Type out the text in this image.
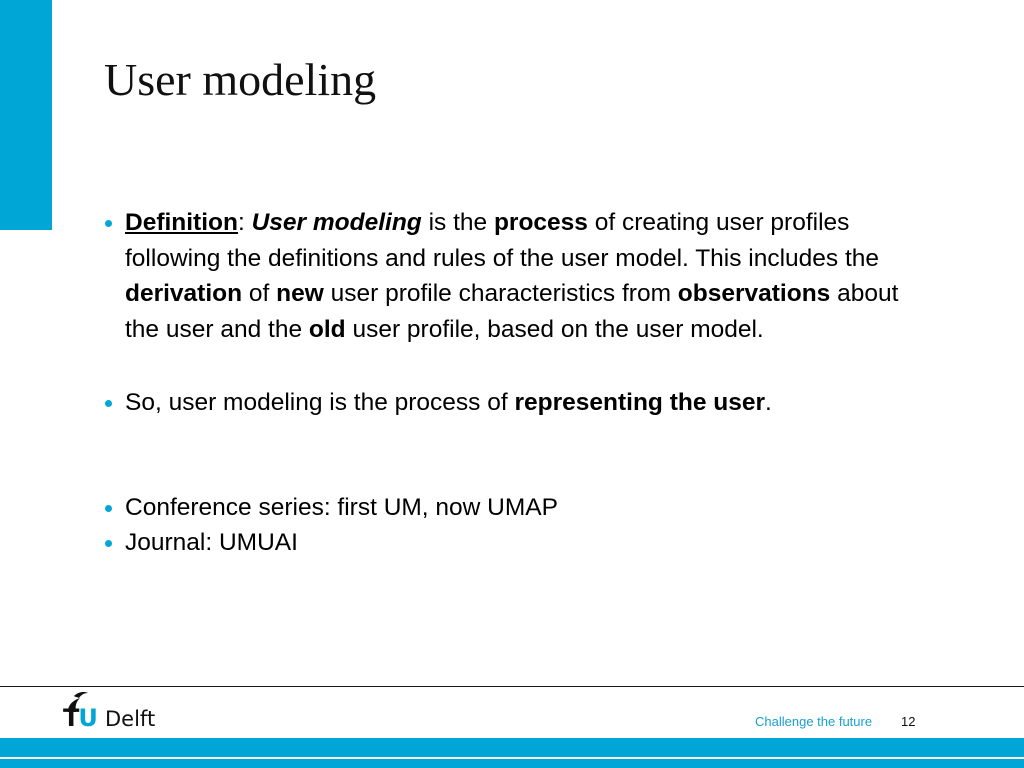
User modeling
Definition: User modeling is the process of creating user profiles following the definitions and rules of the user model. This includes the derivation of new user profile characteristics from observations about the user and the old user profile, based on the user model.
So, user modeling is the process of representing the user.
Conference series: first UM, now UMAP
Journal: UMUAI
TU Delft	Challenge the future 12
